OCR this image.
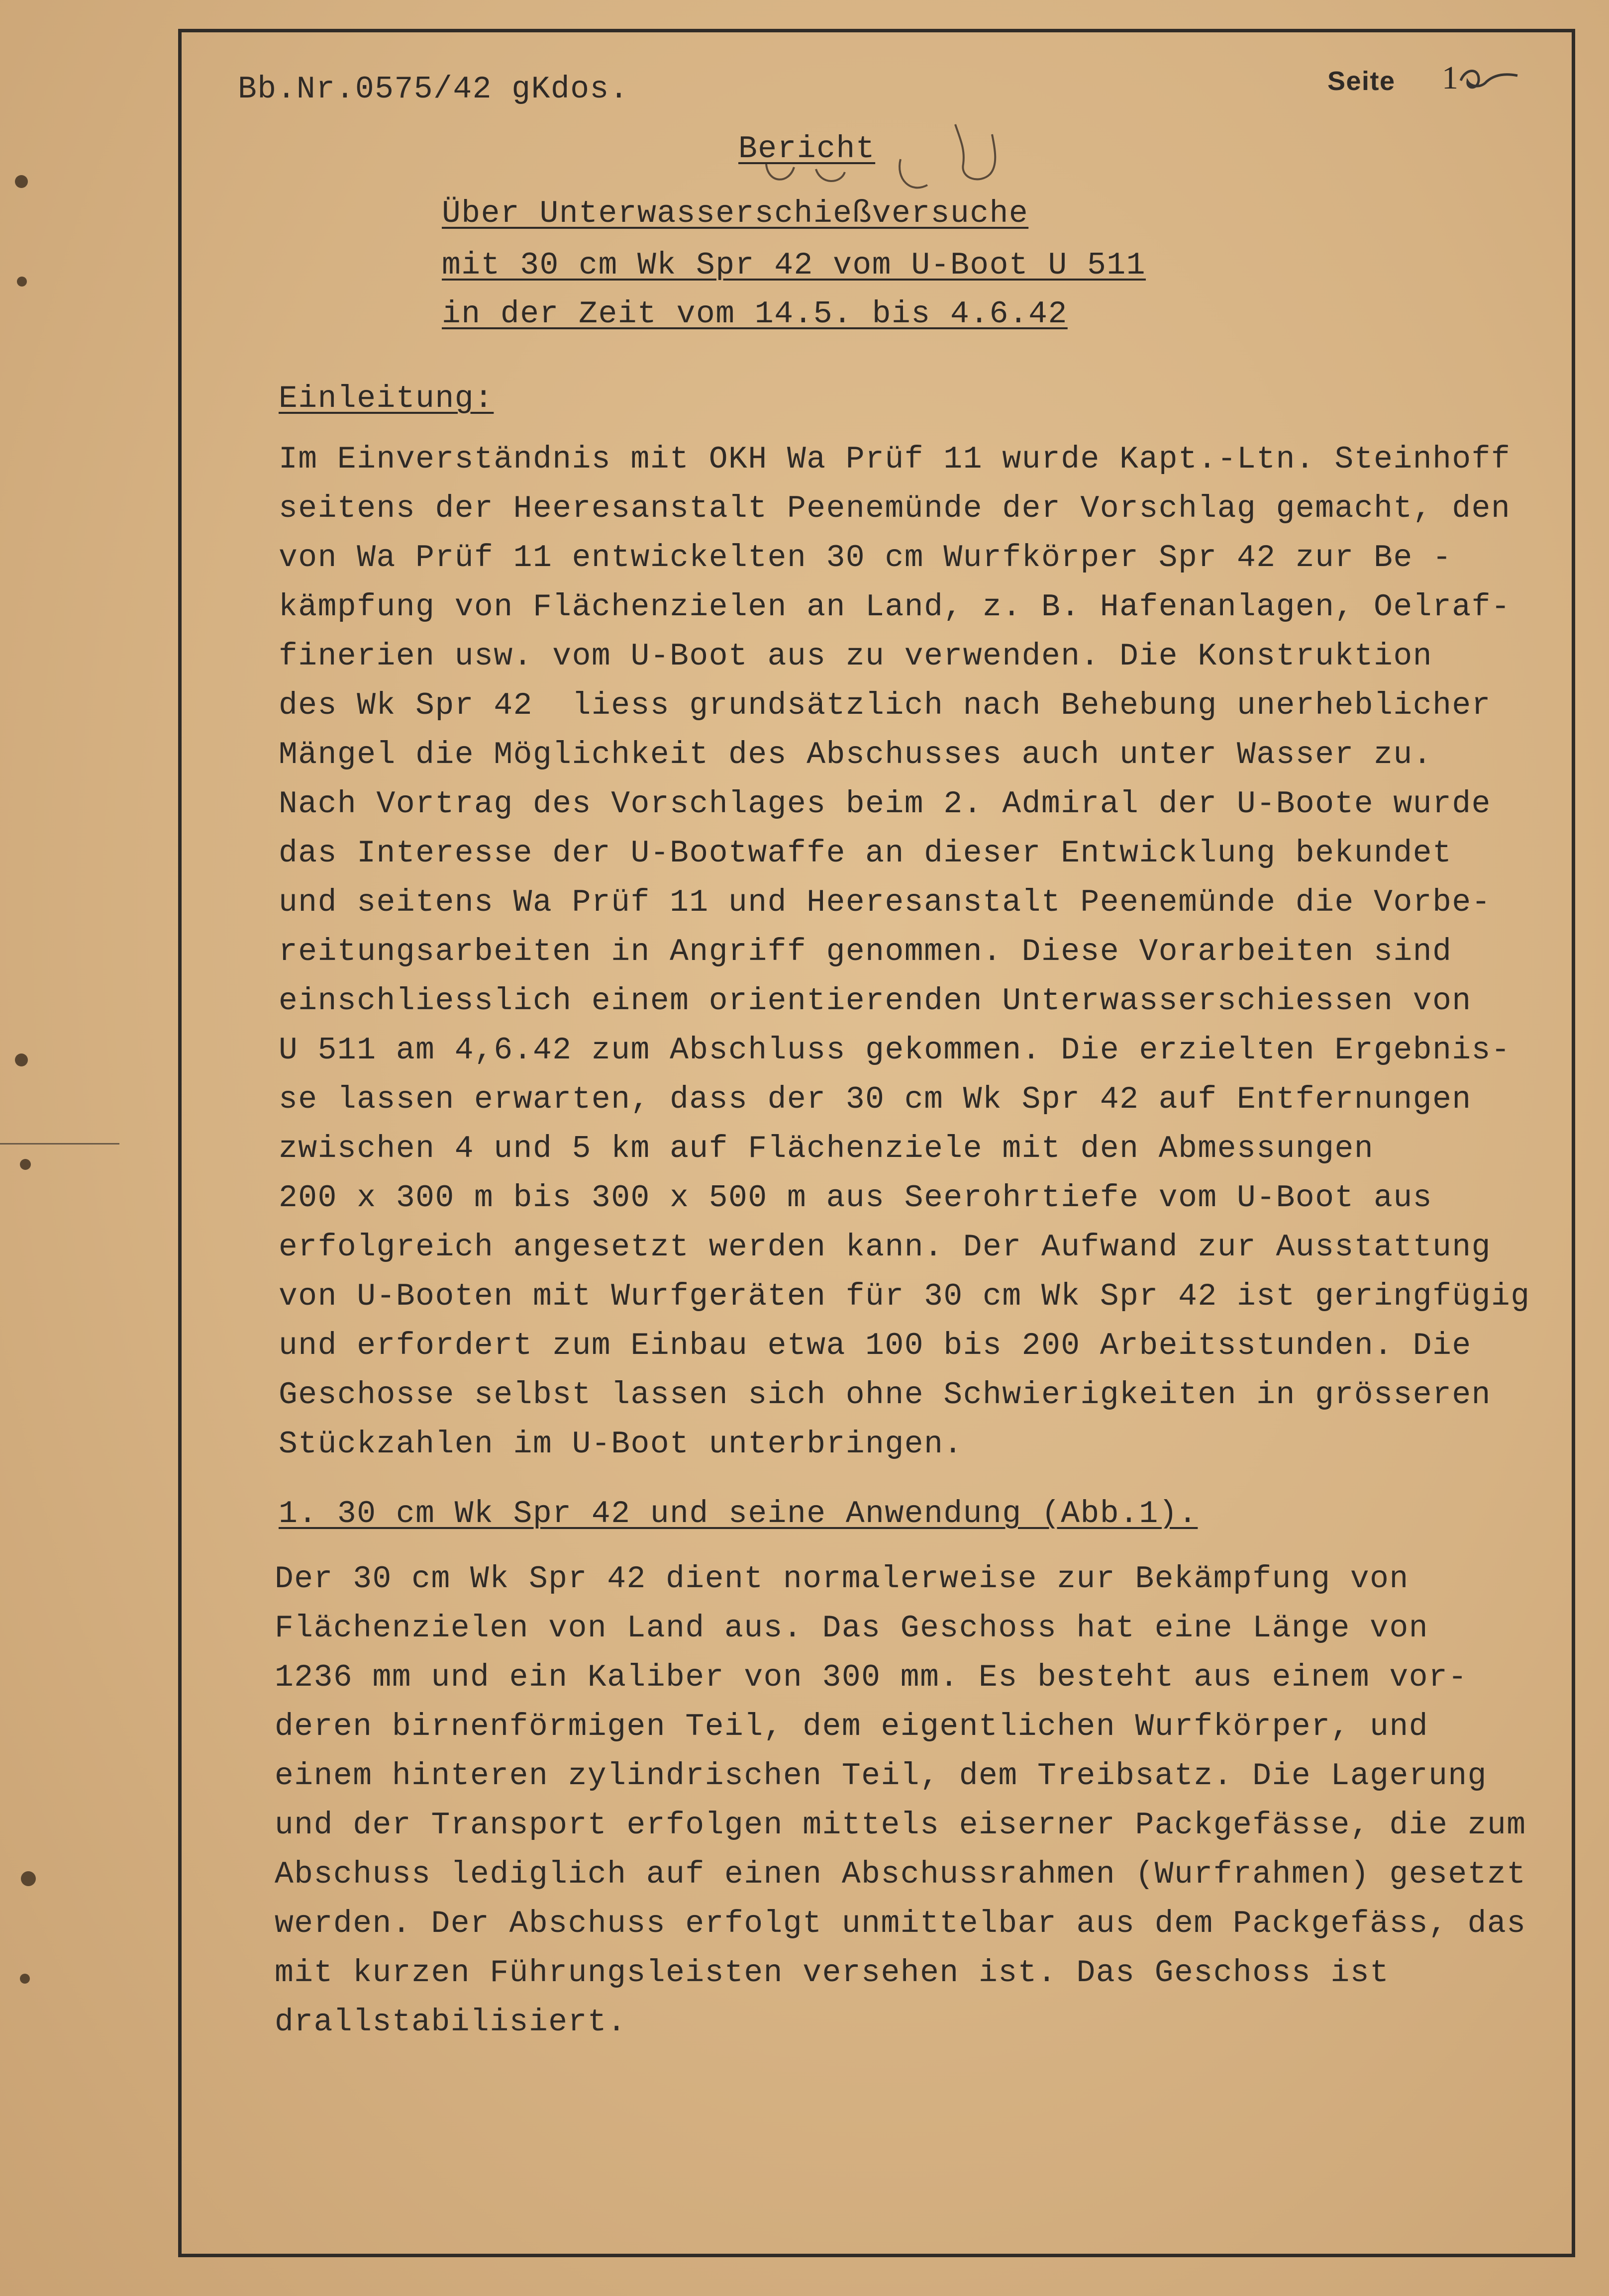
Bb.Nr.0575/42 gKdos.	Seite 1
Bericht
Über Unterwasserschießversuche
mit 30 cm Wk Spr 42 vom U-Boot U 511
in der Zeit vom 14.5. bis 4.6.42
Einleitung:
Im Einverständnis mit OKH Wa Prüf 11 wurde Kapt.-Ltn. Steinhoff
seitens der Heeresanstalt Peenemünde der Vorschlag gemacht, den
von Wa Prüf 11 entwickelten 30 cm Wurfkörper Spr 42 zur Be -
kämpfung von Flächenzielen an Land, z. B. Hafenanlagen, Oelraf-
finerien usw. vom U-Boot aus zu verwenden. Die Konstruktion
des Wk Spr 42  liess grundsätzlich nach Behebung unerheblicher
Mängel die Möglichkeit des Abschusses auch unter Wasser zu.
Nach Vortrag des Vorschlages beim 2. Admiral der U-Boote wurde
das Interesse der U-Bootwaffe an dieser Entwicklung bekundet
und seitens Wa Prüf 11 und Heeresanstalt Peenemünde die Vorbe-
reitungsarbeiten in Angriff genommen. Diese Vorarbeiten sind
einschliesslich einem orientierenden Unterwasserschiessen von
U 511 am 4,6.42 zum Abschluss gekommen. Die erzielten Ergebnis-
se lassen erwarten, dass der 30 cm Wk Spr 42 auf Entfernungen
zwischen 4 und 5 km auf Flächenziele mit den Abmessungen
200 x 300 m bis 300 x 500 m aus Seerohrtiefe vom U-Boot aus
erfolgreich angesetzt werden kann. Der Aufwand zur Ausstattung
von U-Booten mit Wurfgeräten für 30 cm Wk Spr 42 ist geringfügig
und erfordert zum Einbau etwa 100 bis 200 Arbeitsstunden. Die
Geschosse selbst lassen sich ohne Schwierigkeiten in grösseren
Stückzahlen im U-Boot unterbringen.
1. 30 cm Wk Spr 42 und seine Anwendung (Abb.1).
Der 30 cm Wk Spr 42 dient normalerweise zur Bekämpfung von
Flächenzielen von Land aus. Das Geschoss hat eine Länge von
1236 mm und ein Kaliber von 300 mm. Es besteht aus einem vor-
deren birnenförmigen Teil, dem eigentlichen Wurfkörper, und
einem hinteren zylindrischen Teil, dem Treibsatz. Die Lagerung
und der Transport erfolgen mittels eiserner Packgefässe, die zum
Abschuss lediglich auf einen Abschussrahmen (Wurfrahmen) gesetzt
werden. Der Abschuss erfolgt unmittelbar aus dem Packgefäss, das
mit kurzen Führungsleisten versehen ist. Das Geschoss ist
drallstabilisiert.
